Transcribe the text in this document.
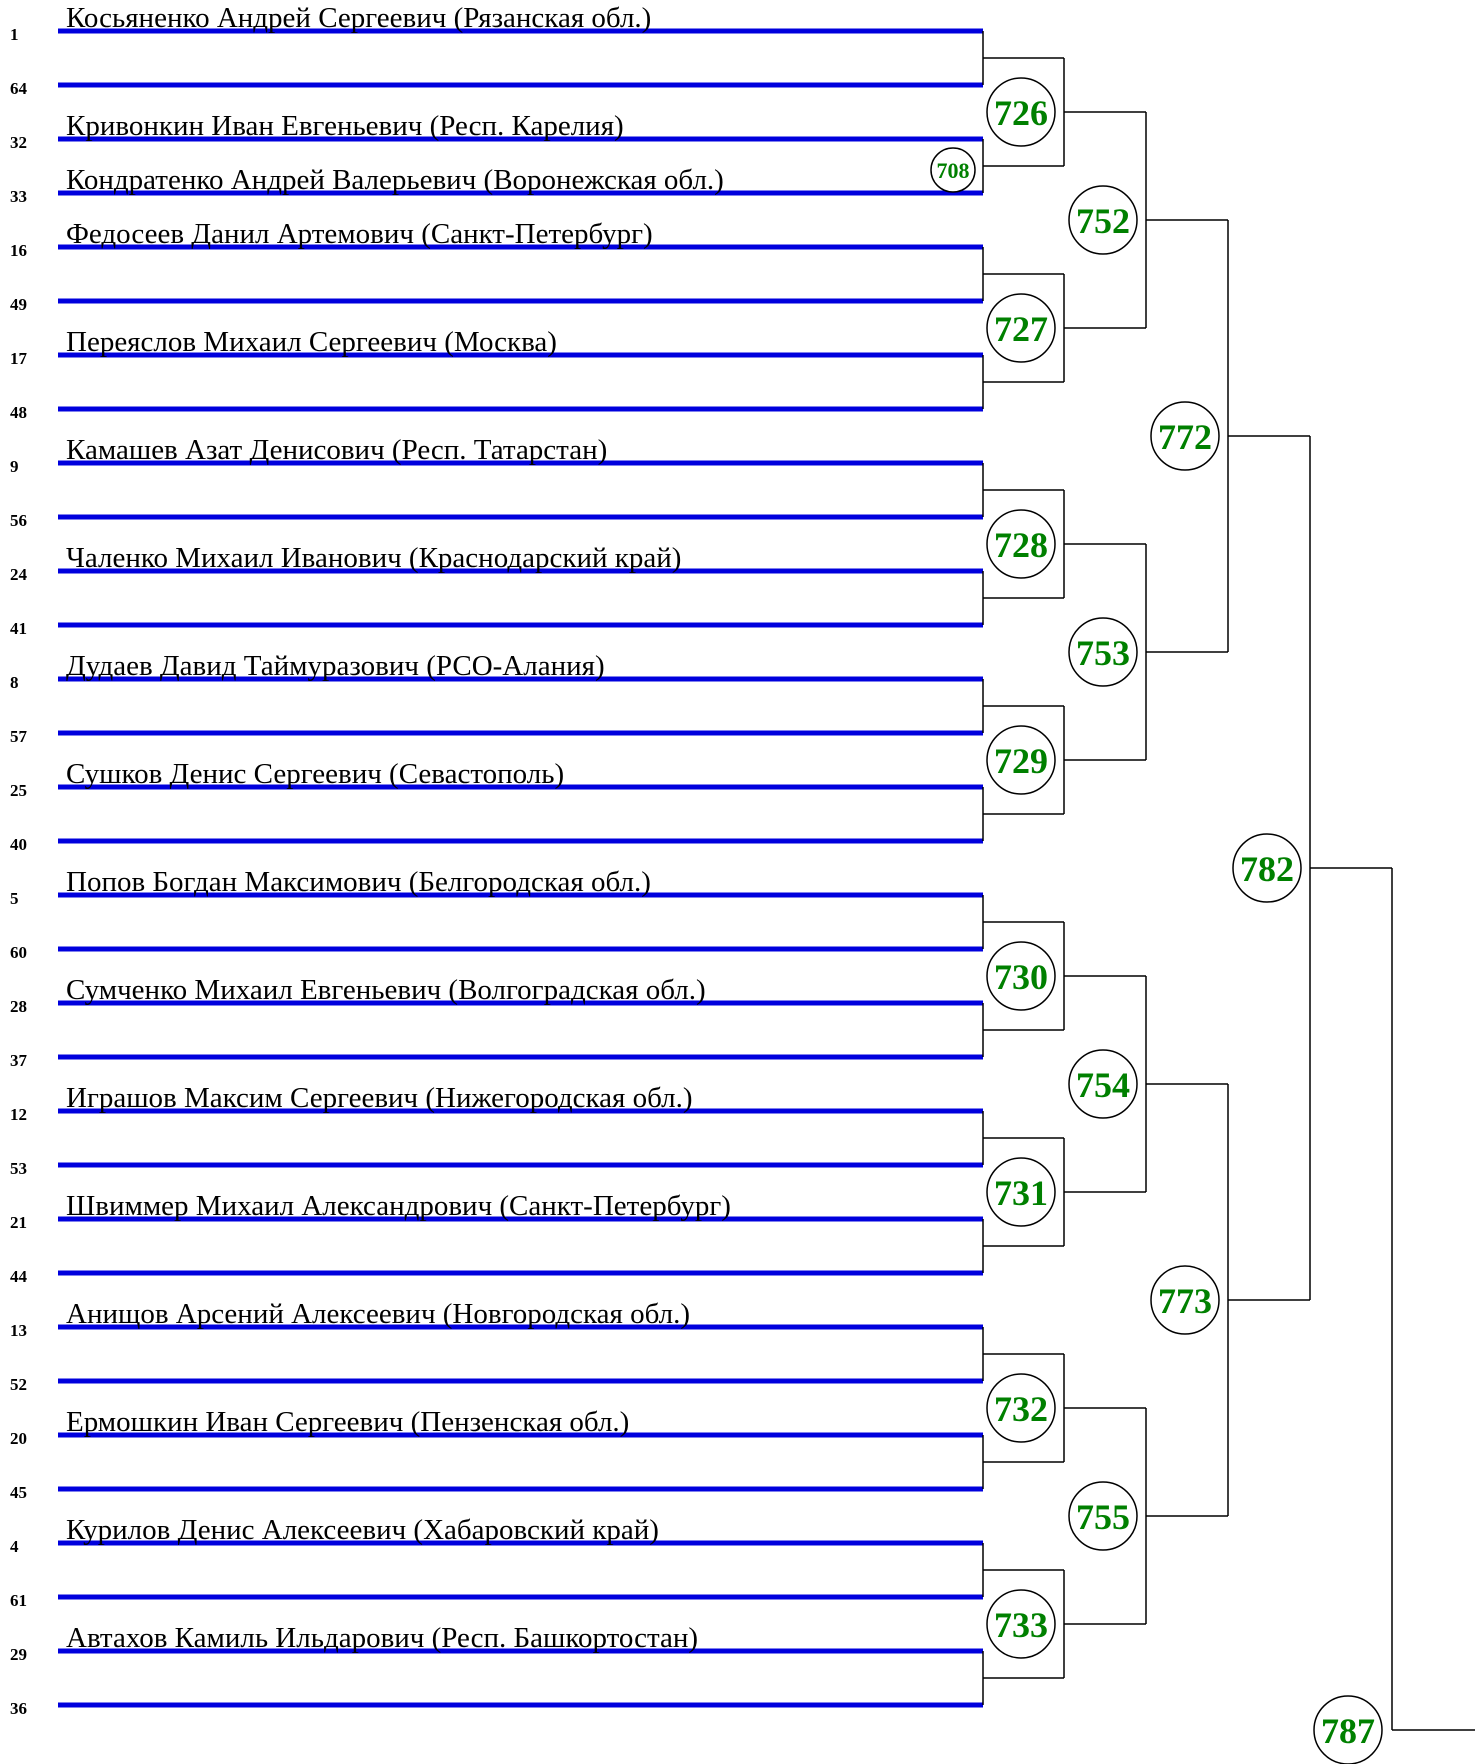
1
Косьяненко Андрей Сергеевич (Рязанская обл.)
64
32
Кривонкин Иван Евгеньевич (Респ. Карелия)
33
Кондратенко Андрей Валерьевич (Воронежская обл.)
16
Федосеев Данил Артемович (Санкт-Петербург)
49
17
Переяслов Михаил Сергеевич (Москва)
48
9
Камашев Азат Денисович (Респ. Татарстан)
56
24
Чаленко Михаил Иванович (Краснодарский край)
41
8
Дудаев Давид Таймуразович (РСО-Алания)
57
25
Сушков Денис Сергеевич (Севастополь)
40
5
Попов Богдан Максимович (Белгородская обл.)
60
28
Сумченко Михаил Евгеньевич (Волгоградская обл.)
37
12
Играшов Максим Сергеевич (Нижегородская обл.)
53
21
Швиммер Михаил Александрович (Санкт-Петербург)
44
13
Анищов Арсений Алексеевич (Новгородская обл.)
52
20
Ермошкин Иван Сергеевич (Пензенская обл.)
45
4
Курилов Денис Алексеевич (Хабаровский край)
61
29
Автахов Камиль Ильдарович (Респ. Башкортостан)
36
708
726
727
728
729
730
731
732
733
752
753
754
755
772
773
782
787
